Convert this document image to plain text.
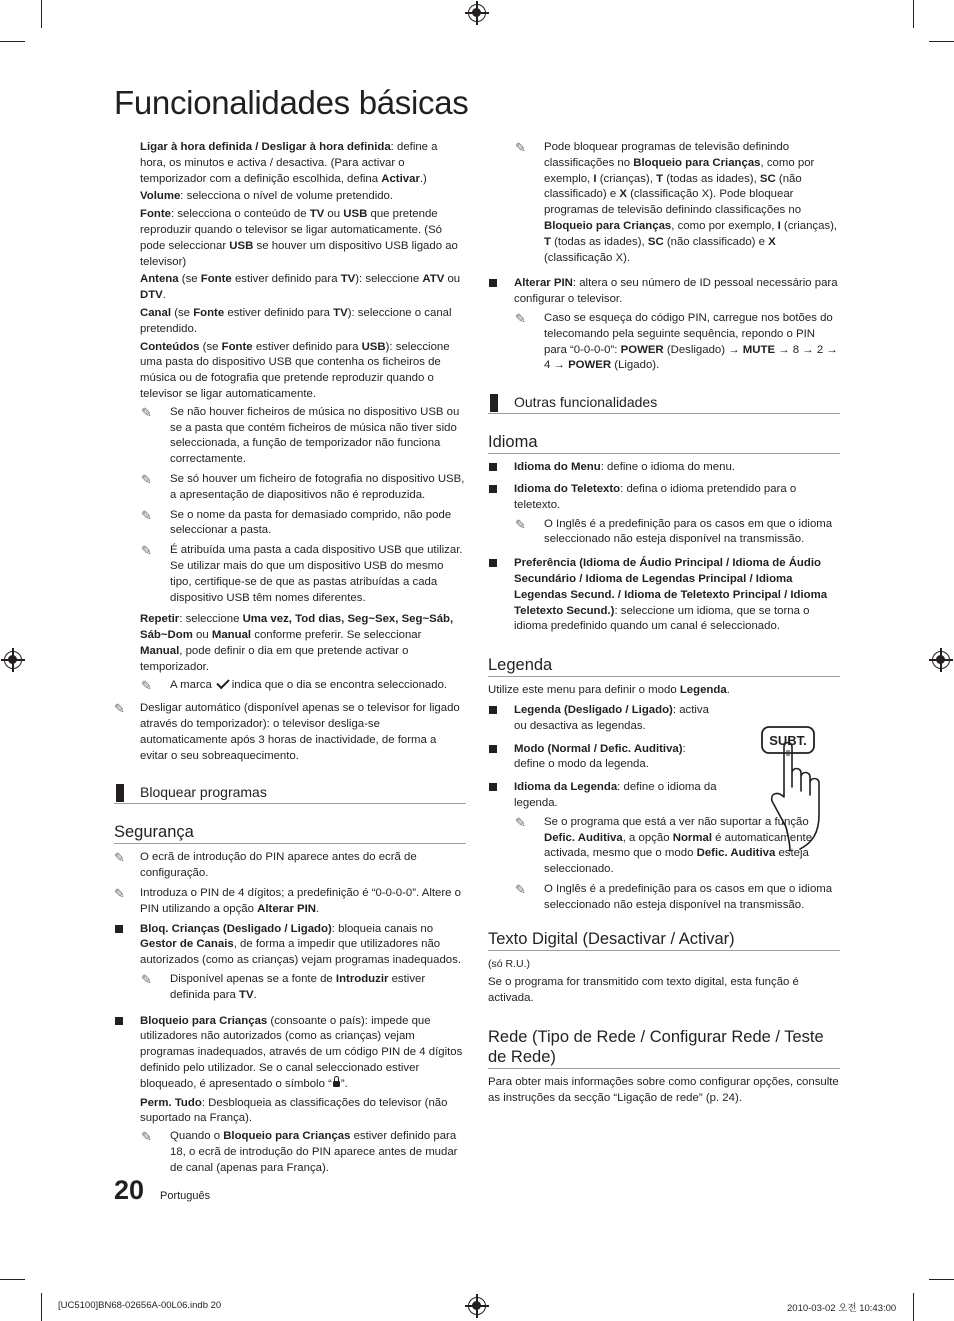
Funcionalidades básicas

Ligar à hora definida / Desligar à hora definida: define a hora, os minutos e activa / desactiva. (Para activar o temporizador com a definição escolhida, defina Activar.)

Volume: selecciona o nível de volume pretendido.

Fonte: selecciona o conteúdo de TV ou USB que pretende reproduzir quando o televisor se ligar automaticamente. (Só pode seleccionar USB se houver um dispositivo USB ligado ao televisor)

Antena (se Fonte estiver definido para TV): seleccione ATV ou DTV.

Canal (se Fonte estiver definido para TV): seleccione o canal pretendido.

Conteúdos (se Fonte estiver definido para USB): seleccione uma pasta do dispositivo USB que contenha os ficheiros de música ou de fotografia que pretende reproduzir quando o televisor se ligar automaticamente.

✎ Se não houver ficheiros de música no dispositivo USB ou se a pasta que contém ficheiros de música não tiver sido seleccionada, a função de temporizador não funciona correctamente.
✎ Se só houver um ficheiro de fotografia no dispositivo USB, a apresentação de diapositivos não é reproduzida.
✎ Se o nome da pasta for demasiado comprido, não pode seleccionar a pasta.
✎ É atribuída uma pasta a cada dispositivo USB que utilizar. Se utilizar mais do que um dispositivo USB do mesmo tipo, certifique-se de que as pastas atribuídas a cada dispositivo USB têm nomes diferentes.

Repetir: seleccione Uma vez, Tod dias, Seg~Sex, Seg~Sáb, Sáb~Dom ou Manual conforme preferir. Se seleccionar Manual, pode definir o dia em que pretende activar o temporizador.

✎ A marca indica que o dia se encontra seleccionado.
✎ Desligar automático (disponível apenas se o televisor for ligado através do temporizador): o televisor desliga-se automaticamente após 3 horas de inactividade, de forma a evitar o seu sobreaquecimento.
Bloquear programas
Segurança
✎ O ecrã de introdução do PIN aparece antes do ecrã de configuração.
✎ Introduza o PIN de 4 dígitos; a predefinição é “0-0-0-0”. Altere o PIN utilizando a opção Alterar PIN.
Bloq. Crianças (Desligado / Ligado): bloqueia canais no Gestor de Canais, de forma a impedir que utilizadores não autorizados (como as crianças) vejam programas inadequados.
✎ Disponível apenas se a fonte de Introduzir estiver definida para TV.
Bloqueio para Crianças (consoante o país): impede que utilizadores não autorizados (como as crianças) vejam programas inadequados, através de um código PIN de 4 dígitos definido pelo utilizador. Se o canal seleccionado estiver bloqueado, é apresentado o símbolo “ ”.

Perm. Tudo: Desbloqueia as classificações do televisor (não suportado na França).

✎ Quando o Bloqueio para Crianças estiver definido para 18, o ecrã de introdução do PIN aparece antes de mudar de canal (apenas para França).
✎ Pode bloquear programas de televisão definindo classificações no Bloqueio para Crianças, como por exemplo, I (crianças), T (todas as idades), SC (não classificado) e X (classificação X). Pode bloquear programas de televisão definindo classificações no Bloqueio para Crianças, como por exemplo, I (crianças), T (todas as idades), SC (não classificado) e X (classificação X).
Alterar PIN: altera o seu número de ID pessoal necessário para configurar o televisor.
✎ Caso se esqueça do código PIN, carregue nos botões do telecomando pela seguinte sequência, repondo o PIN para “0-0-0-0”: POWER (Desligado) → MUTE → 8 → 2 → 4 → POWER (Ligado).
Outras funcionalidades
Idioma
Idioma do Menu: define o idioma do menu.
Idioma do Teletexto: defina o idioma pretendido para o teletexto.
✎ O Inglês é a predefinição para os casos em que o idioma seleccionado não esteja disponível na transmissão.
Preferência (Idioma de Áudio Principal / Idioma de Áudio Secundário / Idioma de Legendas Principal / Idioma Legendas Secund. / Idioma de Teletexto Principal / Idioma Teletexto Secund.): seleccione um idioma, que se torna o idioma predefinido quando um canal é seleccionado.
Legenda

Utilize este menu para definir o modo Legenda.

Legenda (Desligado / Ligado): activa ou desactiva as legendas.
Modo (Normal / Defic. Auditiva): define o modo da legenda.
Idioma da Legenda: define o idioma da legenda.
✎ Se o programa que está a ver não suportar a função Defic. Auditiva, a opção Normal é automaticamente activada, mesmo que o modo Defic. Auditiva esteja seleccionado.
✎ O Inglês é a predefinição para os casos em que o idioma seleccionado não esteja disponível na transmissão.
Texto Digital (Desactivar / Activar)

(só R.U.)

Se o programa for transmitido com texto digital, esta função é activada.

Rede (Tipo de Rede / Configurar Rede / Teste de Rede)

Para obter mais informações sobre como configurar opções, consulte as instruções da secção “Ligação de rede” (p. 24).

SUBT.
20 Português
[UC5100]BN68-02656A-00L06.indb 20	2010-03-02 오전 10:43:00
